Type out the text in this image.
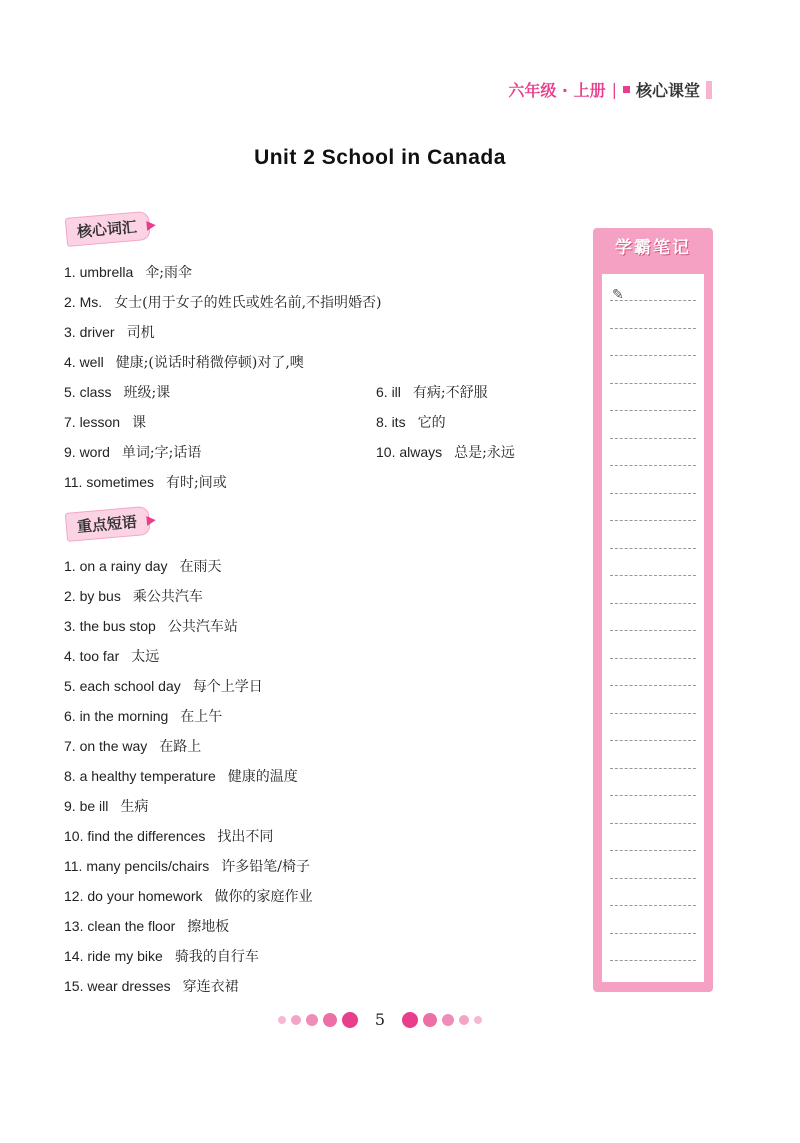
六年级 · 上册 | 核心课堂
Unit 2 School in Canada
核心词汇
1. umbrella 伞;雨伞
2. Ms. 女士(用于女子的姓氏或姓名前,不指明婚否)
3. driver 司机
4. well 健康;(说话时稍微停顿)对了,噢
5. class 班级;课	6. ill 有病;不舒服
7. lesson 课	8. its 它的
9. word 单词;字;话语	10. always 总是;永远
11. sometimes 有时;间或
重点短语
1. on a rainy day 在雨天
2. by bus 乘公共汽车
3. the bus stop 公共汽车站
4. too far 太远
5. each school day 每个上学日
6. in the morning 在上午
7. on the way 在路上
8. a healthy temperature 健康的温度
9. be ill 生病
10. find the differences 找出不同
11. many pencils/chairs 许多铅笔/椅子
12. do your homework 做你的家庭作业
13. clean the floor 擦地板
14. ride my bike 骑我的自行车
15. wear dresses 穿连衣裙
学霸笔记
✎
5
